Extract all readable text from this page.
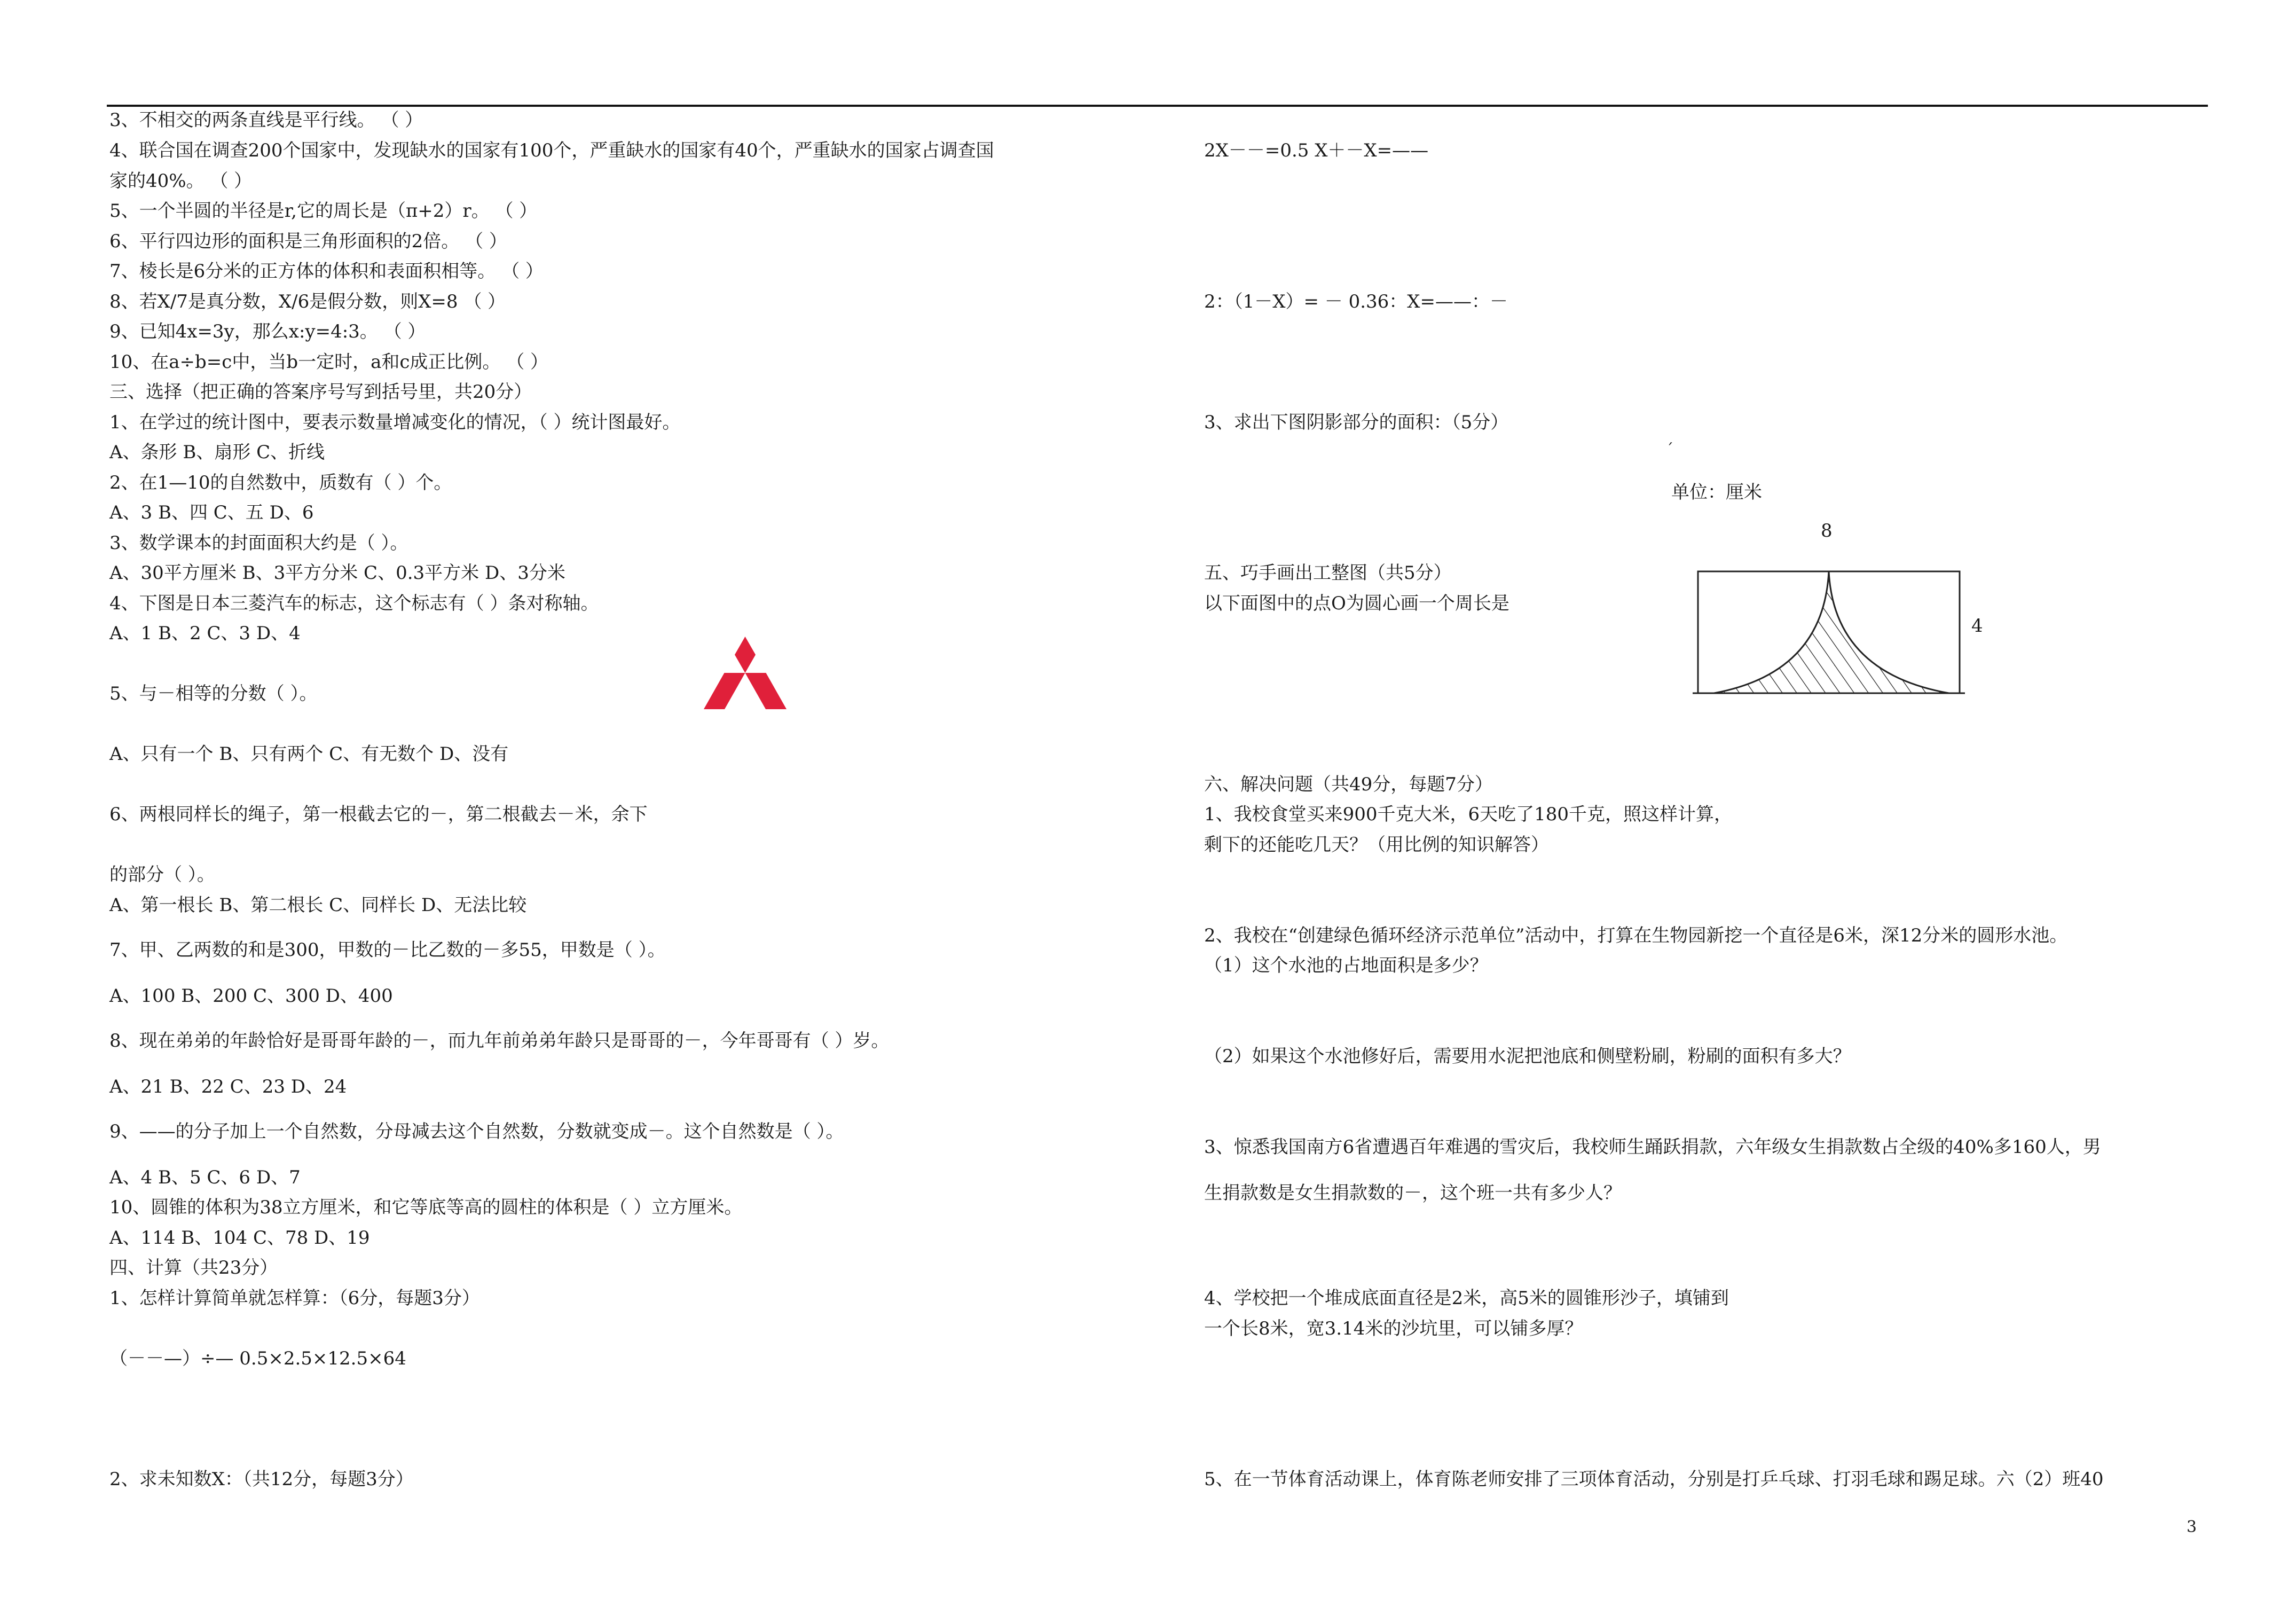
3、不相交的两条直线是平行线。 （ ）
4、联合国在调查200个国家中，发现缺水的国家有100个，严重缺水的国家有40个，严重缺水的国家占调查国
家的40%。 （ ）
5、一个半圆的半径是r,它的周长是（π+2）r。 （ ）
6、平行四边形的面积是三角形面积的2倍。 （ ）
7、棱长是6分米的正方体的体积和表面积相等。 （ ）
8、若X/7是真分数，X/6是假分数，则X=8 （ ）
9、已知4x=3y，那么x:y=4:3。 （ ）
10、在a÷b=c中，当b一定时，a和c成正比例。 （ ）
三、选择（把正确的答案序号写到括号里，共20分）
1、在学过的统计图中，要表示数量增减变化的情况，（ ）统计图最好。
A、条形 B、扇形 C、折线
2、在1—10的自然数中，质数有（ ）个。
A、3 B、四 C、五 D、6
3、数学课本的封面面积大约是（ ）。
A、30平方厘米 B、3平方分米 C、0.3平方米 D、3分米
4、下图是日本三菱汽车的标志，这个标志有（ ）条对称轴。
A、1 B、2 C、3 D、4
5、与－相等的分数（ ）。
A、只有一个 B、只有两个 C、有无数个 D、没有
6、两根同样长的绳子，第一根截去它的－，第二根截去－米，余下
的部分（ ）。
A、第一根长 B、第二根长 C、同样长 D、无法比较
7、甲、乙两数的和是300，甲数的－比乙数的－多55，甲数是（ ）。
A、100 B、200 C、300 D、400
8、现在弟弟的年龄恰好是哥哥年龄的－，而九年前弟弟年龄只是哥哥的－，今年哥哥有（ ）岁。
A、21 B、22 C、23 D、24
9、——的分子加上一个自然数，分母减去这个自然数，分数就变成－。这个自然数是（ ）。
A、4 B、5 C、6 D、7
10、圆锥的体积为38立方厘米，和它等底等高的圆柱的体积是（ ）立方厘米。
A、114 B、104 C、78 D、19
四、计算（共23分）
1、怎样计算简单就怎样算：（6分，每题3分）
（－－—）÷— 0.5×2.5×12.5×64
2、求未知数X：（共12分，每题3分）
2X－－=0.5 X＋－X=——
2：（1－X）= － 0.36：X=——：－
3、求出下图阴影部分的面积：（5分）
ˊ
单位：厘米
8
五、巧手画出工整图（共5分）
以下面图中的点O为圆心画一个周长是
4
六、解决问题（共49分，每题7分）
1、我校食堂买来900千克大米，6天吃了180千克，照这样计算，
剩下的还能吃几天？（用比例的知识解答）
2、我校在“创建绿色循环经济示范单位”活动中，打算在生物园新挖一个直径是6米，深12分米的圆形水池。
（1）这个水池的占地面积是多少？
（2）如果这个水池修好后，需要用水泥把池底和侧壁粉刷，粉刷的面积有多大？
3、惊悉我国南方6省遭遇百年难遇的雪灾后，我校师生踊跃捐款，六年级女生捐款数占全级的40%多160人，男
生捐款数是女生捐款数的－，这个班一共有多少人？
4、学校把一个堆成底面直径是2米，高5米的圆锥形沙子，填铺到
一个长8米，宽3.14米的沙坑里，可以铺多厚？
5、在一节体育活动课上，体育陈老师安排了三项体育活动，分别是打乒乓球、打羽毛球和踢足球。六（2）班40
3
